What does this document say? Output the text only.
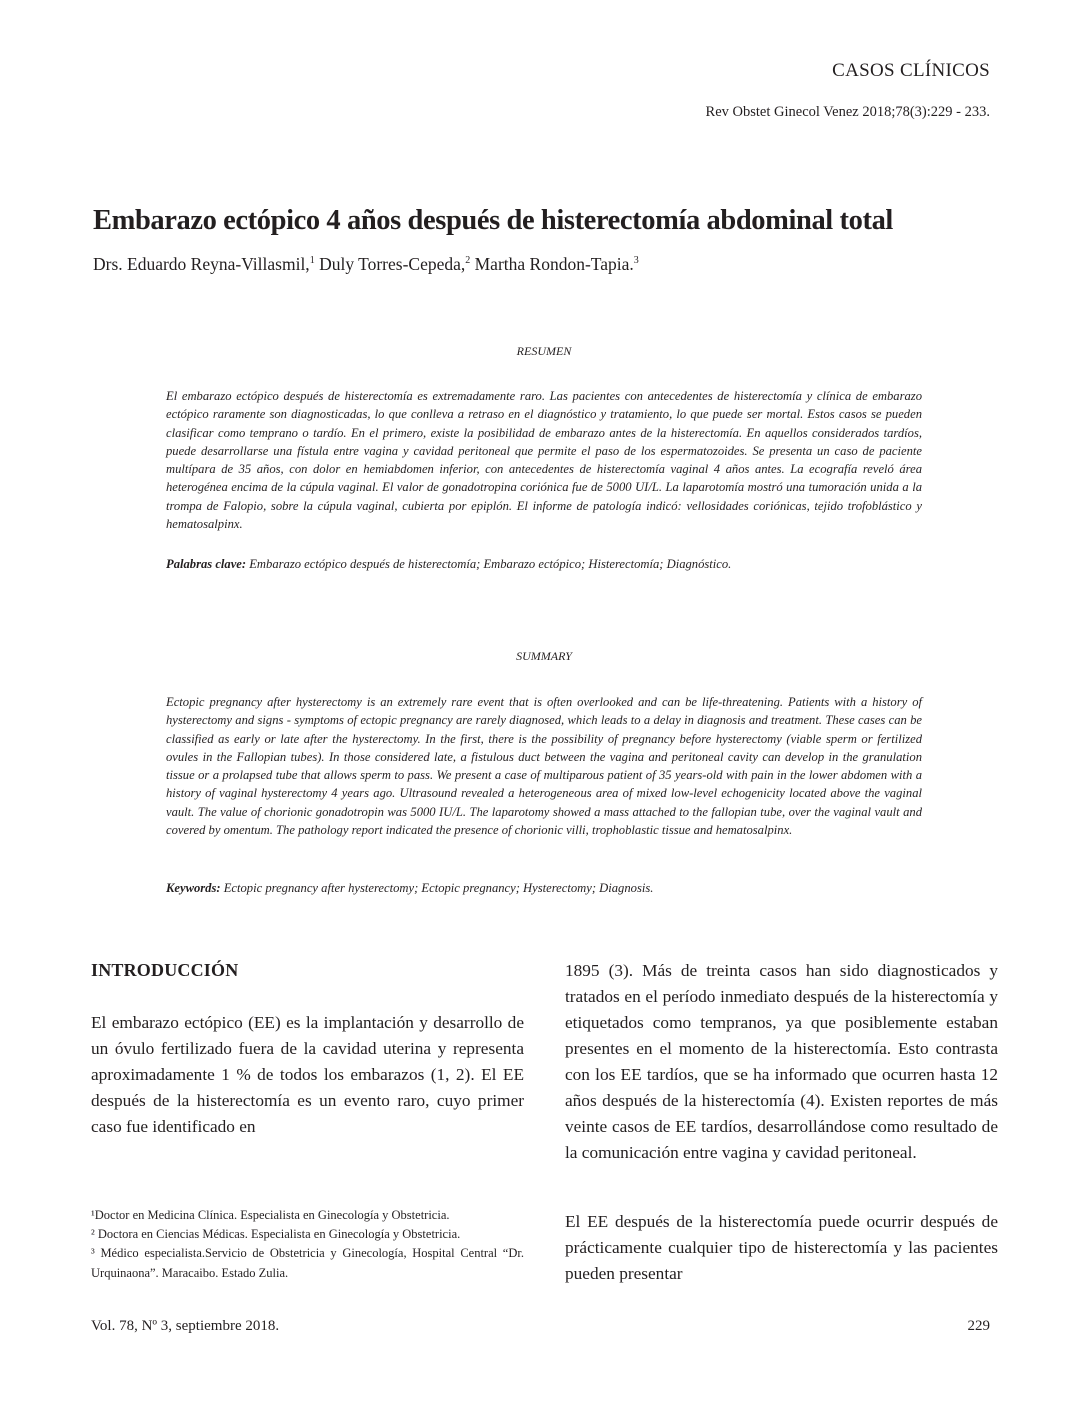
CASOS CLÍNICOS
Rev Obstet Ginecol Venez 2018;78(3):229 - 233.
Embarazo ectópico 4 años después de histerectomía abdominal total
Drs. Eduardo Reyna-Villasmil,$^1$ Duly Torres-Cepeda,$^2$ Martha Rondon-Tapia.$^3$
RESUMEN

El embarazo ectópico después de histerectomía es extremadamente raro. Las pacientes con antecedentes de histerectomía y clínica de embarazo ectópico raramente son diagnosticadas, lo que conlleva a retraso en el diagnóstico y tratamiento, lo que puede ser mortal. Estos casos se pueden clasificar como temprano o tardío. En el primero, existe la posibilidad de embarazo antes de la histerectomía. En aquellos considerados tardíos, puede desarrollarse una fístula entre vagina y cavidad peritoneal que permite el paso de los espermatozoides. Se presenta un caso de paciente multípara de 35 años, con dolor en hemiabdomen inferior, con antecedentes de histerectomía vaginal 4 años antes. La ecografía reveló área heterogénea encima de la cúpula vaginal. El valor de gonadotropina coriónica fue de 5000 UI/L. La laparotomía mostró una tumoración unida a la trompa de Falopio, sobre la cúpula vaginal, cubierta por epiplón. El informe de patología indicó: vellosidades coriónicas, tejido trofoblástico y hematosalpinx.

Palabras clave: Embarazo ectópico después de histerectomía; Embarazo ectópico; Histerectomía; Diagnóstico.

SUMMARY

Ectopic pregnancy after hysterectomy is an extremely rare event that is often overlooked and can be life-threatening. Patients with a history of hysterectomy and signs - symptoms of ectopic pregnancy are rarely diagnosed, which leads to a delay in diagnosis and treatment. These cases can be classified as early or late after the hysterectomy. In the first, there is the possibility of pregnancy before hysterectomy (viable sperm or fertilized ovules in the Fallopian tubes). In those considered late, a fistulous duct between the vagina and peritoneal cavity can develop in the granulation tissue or a prolapsed tube that allows sperm to pass. We present a case of multiparous patient of 35 years-old with pain in the lower abdomen with a history of vaginal hysterectomy 4 years ago. Ultrasound revealed a heterogeneous area of mixed low-level echogenicity located above the vaginal vault. The value of chorionic gonadotropin was 5000 IU/L. The laparotomy showed a mass attached to the fallopian tube, over the vaginal vault and covered by omentum. The pathology report indicated the presence of chorionic villi, trophoblastic tissue and hematosalpinx.

Keywords: Ectopic pregnancy after hysterectomy; Ectopic pregnancy; Hysterectomy; Diagnosis.

INTRODUCCIÓN

El embarazo ectópico (EE) es la implantación y desarrollo de un óvulo fertilizado fuera de la cavidad uterina y representa aproximadamente 1 % de todos los embarazos (1, 2). El EE después de la histerectomía es un evento raro, cuyo primer caso fue identificado en

1895 (3). Más de treinta casos han sido diagnosticados y tratados en el período inmediato después de la histerectomía y etiquetados como tempranos, ya que posiblemente estaban presentes en el momento de la histerectomía. Esto contrasta con los EE tardíos, que se ha informado que ocurren hasta 12 años después de la histerectomía (4). Existen reportes de más veinte casos de EE tardíos, desarrollándose como resultado de la comunicación entre vagina y cavidad peritoneal.

El EE después de la histerectomía puede ocurrir después de prácticamente cualquier tipo de histerectomía y las pacientes pueden presentar

¹Doctor en Medicina Clínica. Especialista en Ginecología y Obstetricia.
² Doctora en Ciencias Médicas. Especialista en Ginecología y Obstetricia.
³ Médico especialista.Servicio de Obstetricia y Ginecología, Hospital Central “Dr. Urquinaona”. Maracaibo. Estado Zulia.
Vol. 78, Nº 3, septiembre 2018.	229
